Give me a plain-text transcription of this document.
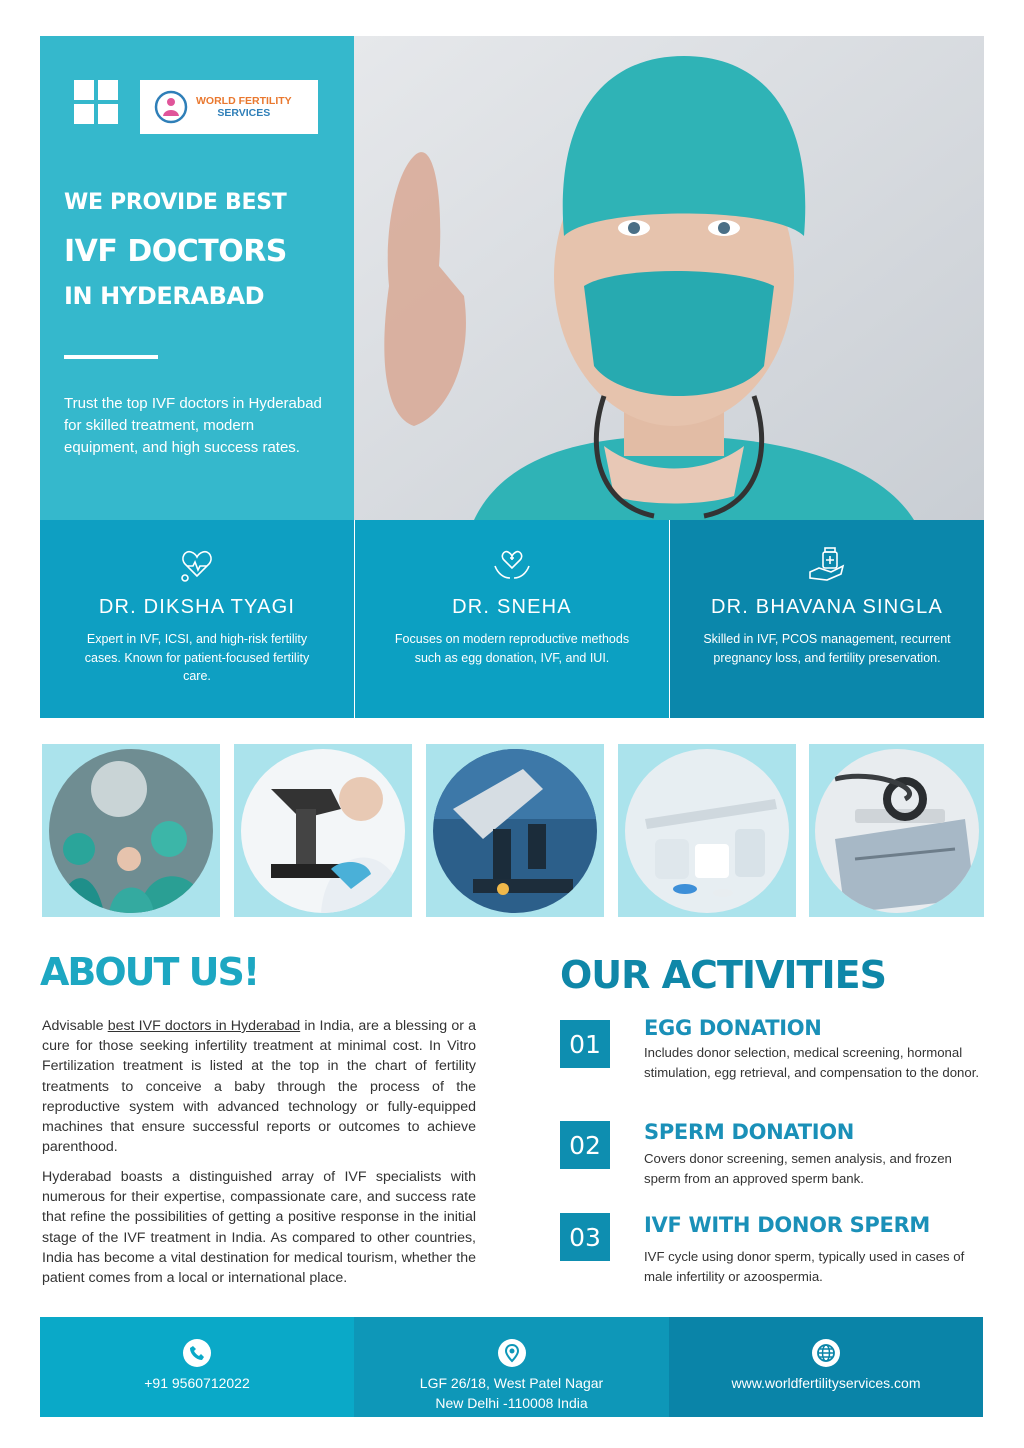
WORLD FERTILITY
SERVICES
WE PROVIDE BEST
IVF DOCTORS
IN HYDERABAD
Trust the top IVF doctors in Hyderabad for skilled treatment, modern equipment, and high success rates.
DR. DIKSHA TYAGI
Expert in IVF, ICSI, and high-risk fertility cases. Known for patient-focused fertility care.
DR. SNEHA
Focuses on modern reproductive methods such as egg donation, IVF, and IUI.
DR. BHAVANA SINGLA
Skilled in IVF, PCOS management, recurrent pregnancy loss, and fertility preservation.
ABOUT US!
Advisable best IVF doctors in Hyderabad in India, are a blessing or a cure for those seeking infertility treatment at minimal cost. In Vitro Fertilization treatment is listed at the top in the chart of fertility treatments to conceive a baby through the process of the reproductive system with advanced technology or fully-equipped machines that ensure successful reports or outcomes to achieve parenthood.
Hyderabad boasts a distinguished array of IVF specialists with numerous for their expertise, compassionate care, and success rate that refine the possibilities of getting a positive response in the initial stage of the IVF treatment in India. As compared to other countries, India has become a vital destination for medical tourism, whether the patient comes from a local or international place.
OUR ACTIVITIES
01
EGG DONATION
Includes donor selection, medical screening, hormonal stimulation, egg retrieval, and compensation to the donor.
02	SPERM DONATION
Covers donor screening, semen analysis, and frozen sperm from an approved sperm bank.
03	IVF WITH DONOR SPERM
IVF cycle using donor sperm, typically used in cases of male infertility or azoospermia.
+91 9560712022	LGF 26/18, West Patel Nagar
New Delhi -110008 India
www.worldfertilityservices.com
